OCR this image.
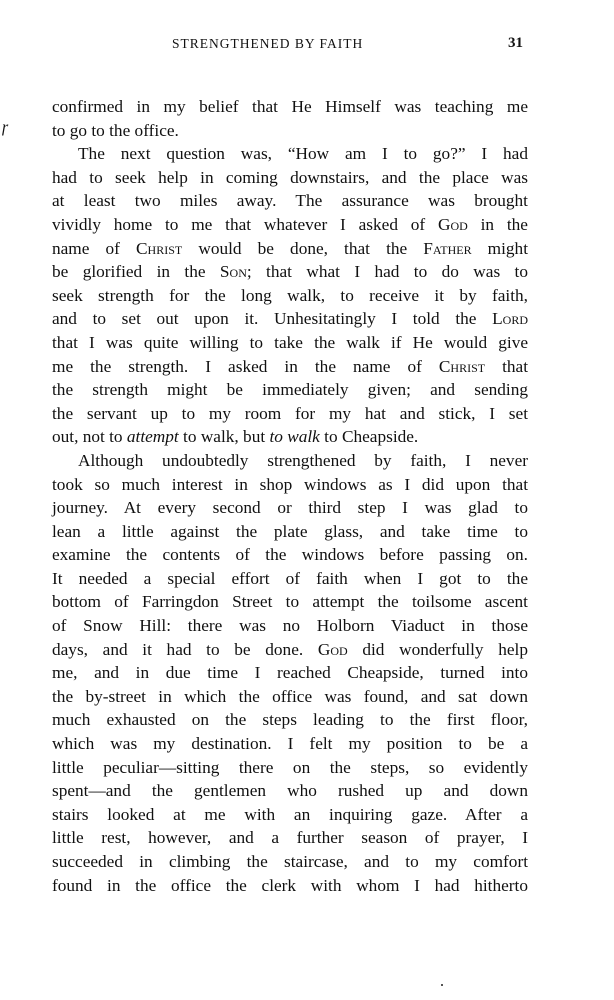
STRENGTHENED BY FAITH	31
ɼ
confirmed in my belief that He Himself was teaching me
to go to the office.
The next question was, “How am I to go?” I had
had to seek help in coming downstairs, and the place was
at least two miles away. The assurance was brought
vividly home to me that whatever I asked of God in the
name of Christ would be done, that the Father might
be glorified in the Son; that what I had to do was to
seek strength for the long walk, to receive it by faith,
and to set out upon it. Unhesitatingly I told the Lord
that I was quite willing to take the walk if He would give
me the strength. I asked in the name of Christ that
the strength might be immediately given; and sending
the servant up to my room for my hat and stick, I set
out, not to attempt to walk, but to walk to Cheapside.
Although undoubtedly strengthened by faith, I never
took so much interest in shop windows as I did upon that
journey. At every second or third step I was glad to
lean a little against the plate glass, and take time to
examine the contents of the windows before passing on.
It needed a special effort of faith when I got to the
bottom of Farringdon Street to attempt the toilsome ascent
of Snow Hill: there was no Holborn Viaduct in those
days, and it had to be done. God did wonderfully help
me, and in due time I reached Cheapside, turned into
the by-street in which the office was found, and sat down
much exhausted on the steps leading to the first floor,
which was my destination. I felt my position to be a
little peculiar—sitting there on the steps, so evidently
spent—and the gentlemen who rushed up and down
stairs looked at me with an inquiring gaze. After a
little rest, however, and a further season of prayer, I
succeeded in climbing the staircase, and to my comfort
found in the office the clerk with whom I had hitherto
